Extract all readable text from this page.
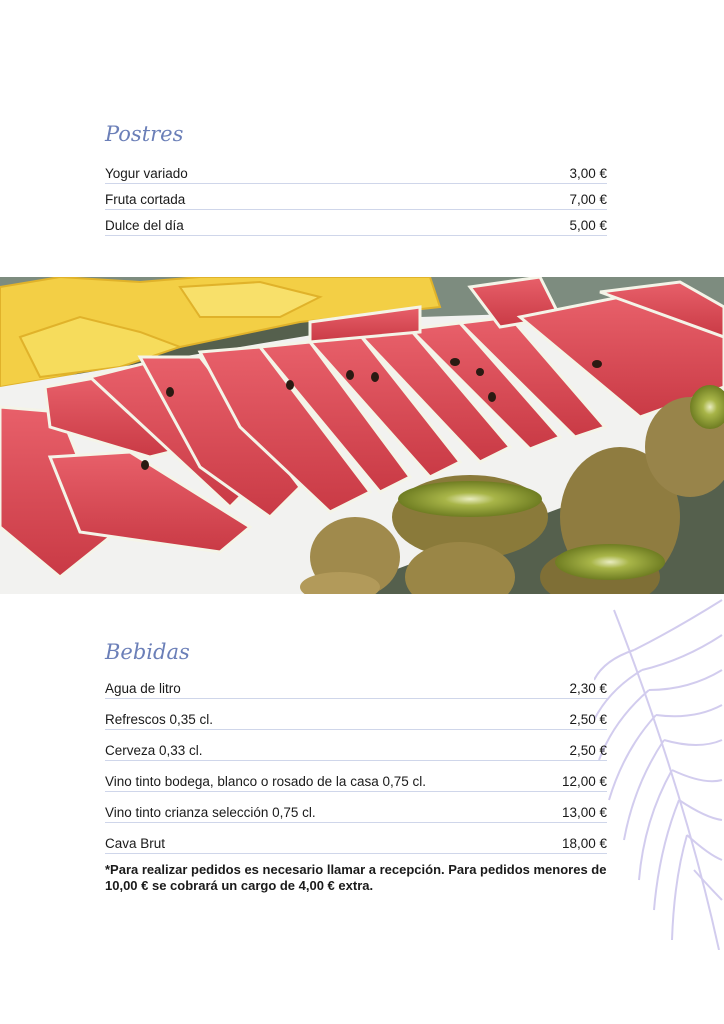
Postres
Yogur variado	3,00 €
Fruta cortada	7,00 €
Dulce del día	5,00 €
Bebidas
Agua de litro	2,30 €
Refrescos 0,35 cl.	2,50 €
Cerveza 0,33 cl.	2,50 €
Vino tinto bodega, blanco o rosado de la casa 0,75 cl.	12,00 €
Vino tinto crianza selección 0,75 cl.	13,00 €
Cava Brut	18,00 €

*Para realizar pedidos es necesario llamar a recepción. Para pedidos menores de 10,00 € se cobrará un cargo de 4,00 € extra.
